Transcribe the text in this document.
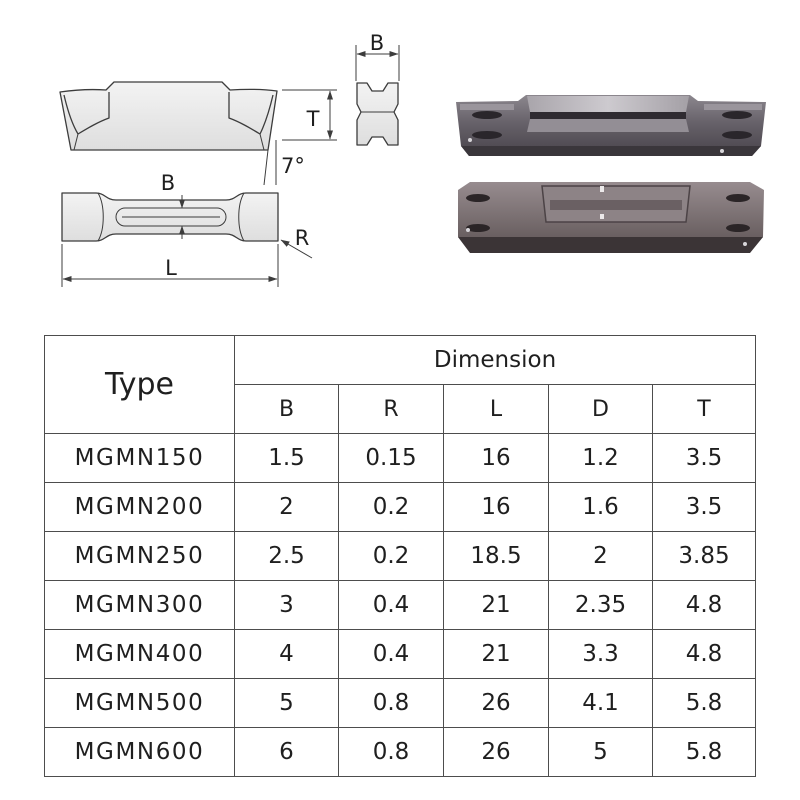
7°
T
B
B
R
L
Type	Dimension				
	B	R	L	D	T
MGMN150	1.5	0.15	16	1.2	3.5
MGMN200	2	0.2	16	1.6	3.5
MGMN250	2.5	0.2	18.5	2	3.85
MGMN300	3	0.4	21	2.35	4.8
MGMN400	4	0.4	21	3.3	4.8
MGMN500	5	0.8	26	4.1	5.8
MGMN600	6	0.8	26	5	5.8
